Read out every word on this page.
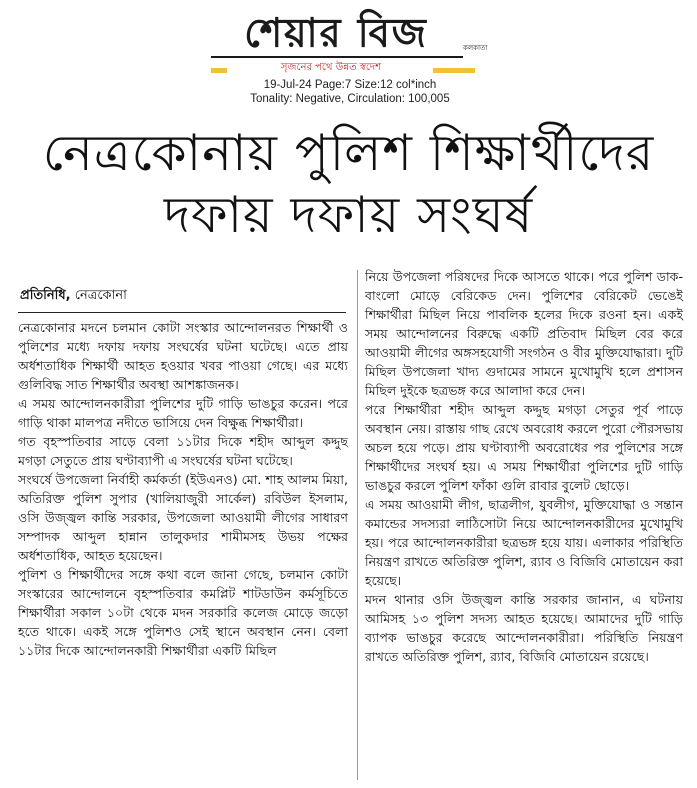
শেয়ার বিজ	কলকাতা
সৃজনের পথে উন্নত স্বদেশ
19-Jul-24 Page:7 Size:12 col*inch
Tonality: Negative, Circulation: 100,005
নেত্রকোনায় পুলিশ শিক্ষার্থীদের
দফায় দফায় সংঘর্ষ
প্রতিনিধি, নেত্রকোনা

নেত্রকোনার মদনে চলমান কোটা সংস্কার আন্দোলনরত শিক্ষার্থী ও পুলিশের মধ্যে দফায় দফায় সংঘর্ষের ঘটনা ঘটেছে। এতে প্রায় অর্ধশতাধিক শিক্ষার্থী আহত হওয়ার খবর পাওয়া গেছে। এর মধ্যে গুলিবিদ্ধ সাত শিক্ষার্থীর অবস্থা আশঙ্কাজনক।

এ সময় আন্দোলনকারীরা পুলিশের দুটি গাড়ি ভাঙচুর করেন। পরে গাড়ি থাকা মালপত্র নদীতে ভাসিয়ে দেন বিক্ষুব্ধ শিক্ষার্থীরা।

গত বৃহস্পতিবার সাড়ে বেলা ১১টার দিকে শহীদ আব্দুল কদ্দুছ মগড়া সেতুতে প্রায় ঘণ্টাব্যাপী এ সংঘর্ষের ঘটনা ঘটেছে।

সংঘর্ষে উপজেলা নির্বাহী কর্মকর্তা (ইউএনও) মো. শাহ আলম মিয়া, অতিরিক্ত পুলিশ সুপার (খালিয়াজুরী সার্কেল) রবিউল ইসলাম, ওসি উজ্জ্বল কান্তি সরকার, উপজেলা আওয়ামী লীগের সাধারণ সম্পাদক আব্দুল হান্নান তালুকদার শামীমসহ উভয় পক্ষের অর্ধশতাধিক, আহত হয়েছেন।

পুলিশ ও শিক্ষার্থীদের সঙ্গে কথা বলে জানা গেছে, চলমান কোটা সংস্কারের আন্দোলনে বৃহস্পতিবার কমপ্লিট শাটডাউন কর্মসূচিতে শিক্ষার্থীরা সকাল ১০টা থেকে মদন সরকারি কলেজ মোড়ে জড়ো হতে থাকে। একই সঙ্গে পুলিশও সেই স্থানে অবস্থান নেন। বেলা ১১টার দিকে আন্দোলনকারী শিক্ষার্থীরা একটি মিছিল

নিয়ে উপজেলা পরিষদের দিকে আসতে থাকে। পরে পুলিশ ডাক-বাংলো মোড়ে বেরিকেড দেন। পুলিশের বেরিকেট ভেঙেই শিক্ষার্থীরা মিছিল নিয়ে পাবলিক হলের দিকে রওনা হন। একই সময় আন্দোলনের বিরুদ্ধে একটি প্রতিবাদ মিছিল বের করে আওয়ামী লীগের অঙ্গসহযোগী সংগঠন ও বীর মুক্তিযোদ্ধারা। দুটি মিছিল উপজেলা খাদ্য গুদামের সামনে মুখোমুখি হলে প্রশাসন মিছিল দুইকে ছত্রভঙ্গ করে আলাদা করে দেন।

পরে শিক্ষার্থীরা শহীদ আব্দুল কদ্দুছ মগড়া সেতুর পূর্ব পাড়ে অবস্থান নেয়। রাস্তায় গাছ রেখে অবরোধ করলে পুরো পৌরসভায় অচল হয়ে পড়ে। প্রায় ঘণ্টাব্যাপী অবরোধের পর পুলিশের সঙ্গে শিক্ষার্থীদের সংঘর্ষ হয়। এ সময় শিক্ষার্থীরা পুলিশের দুটি গাড়ি ভাঙচুর করলে পুলিশ ফাঁকা গুলি রাবার বুলেট ছোড়ে।

এ সময় আওয়ামী লীগ, ছাত্রলীগ, যুবলীগ, মুক্তিযোদ্ধা ও সন্তান কমান্ডের সদস্যরা লাঠিসোটা নিয়ে আন্দোলনকারীদের মুখোমুখি হয়। পরে আন্দোলনকারীরা ছত্রভঙ্গ হয়ে যায়। এলাকার পরিস্থিতি নিয়ন্ত্রণ রাখতে অতিরিক্ত পুলিশ, র‍্যাব ও বিজিবি মোতায়েন করা হয়েছে।

মদন থানার ওসি উজ্জ্বল কান্তি সরকার জানান, এ ঘটনায় আমিসহ ১৩ পুলিশ সদস্য আহত হয়েছে। আমাদের দুটি গাড়ি ব্যাপক ভাঙচুর করেছে আন্দোলনকারীরা। পরিস্থিতি নিয়ন্ত্রণ রাখতে অতিরিক্ত পুলিশ, র‍্যাব, বিজিবি মোতায়েন রয়েছে।
